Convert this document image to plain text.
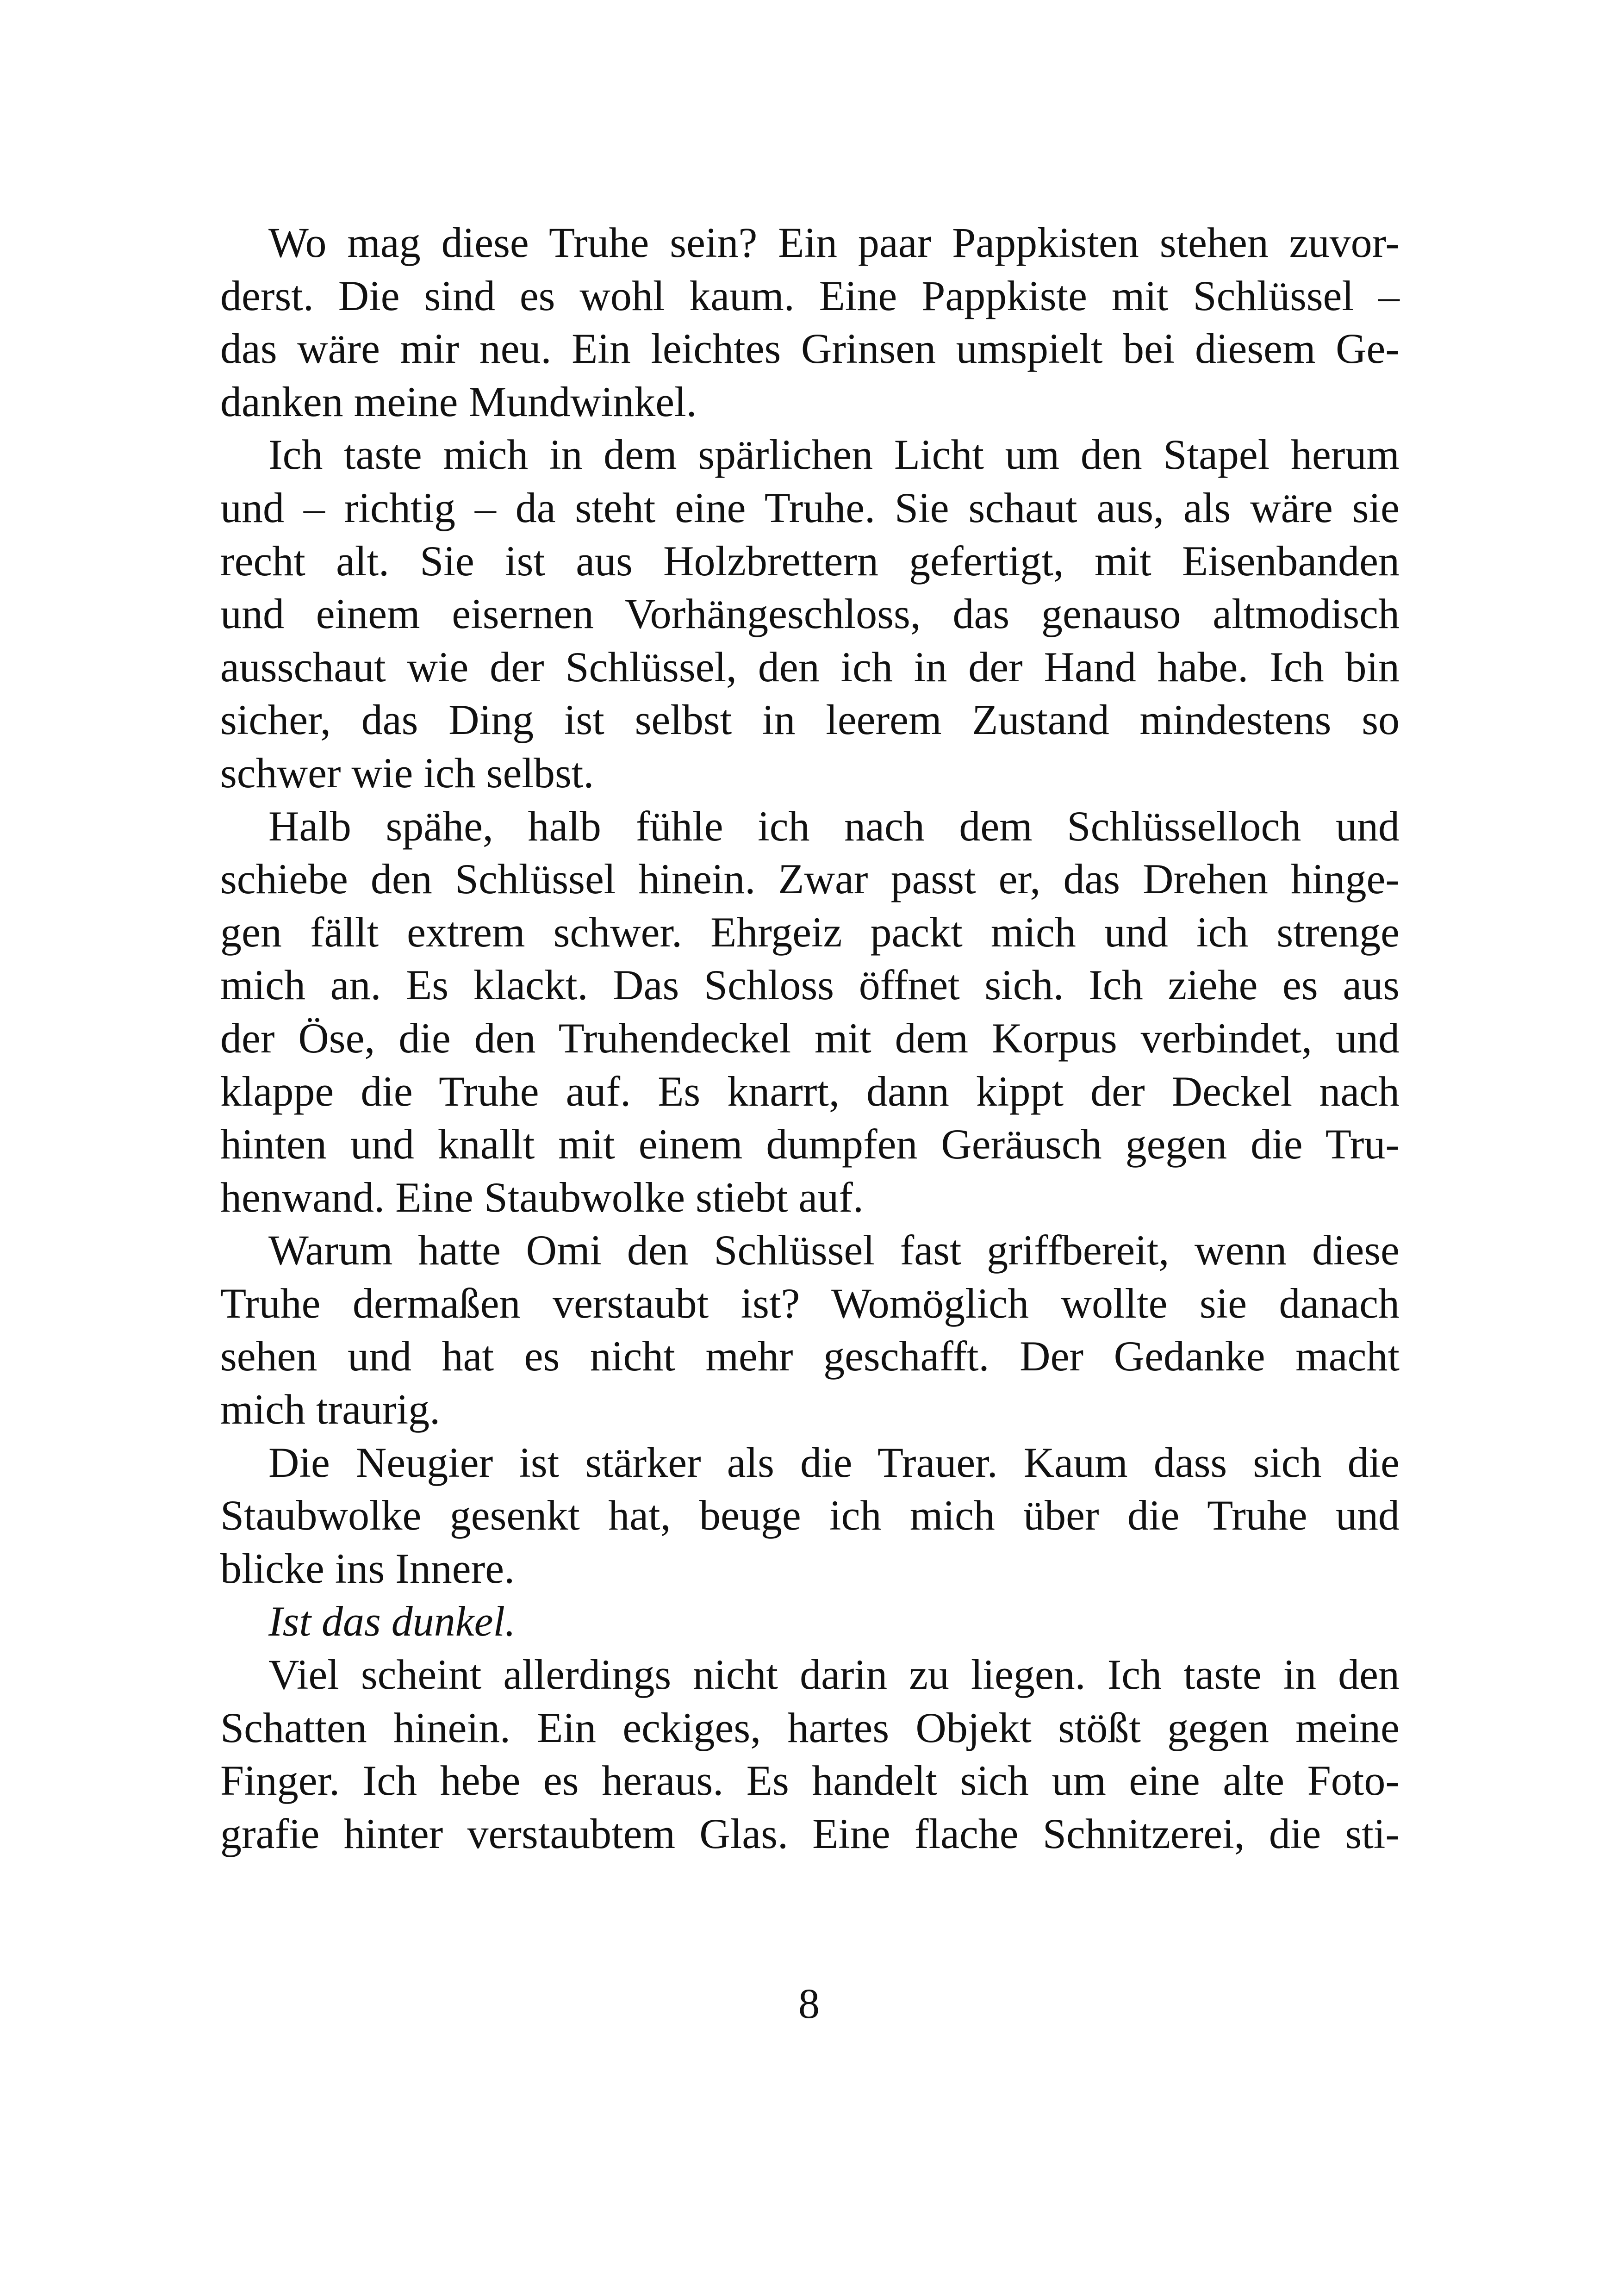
Wo mag diese Truhe sein? Ein paar Pappkisten stehen zuvor-
derst. Die sind es wohl kaum. Eine Pappkiste mit Schlüssel –
das wäre mir neu. Ein leichtes Grinsen umspielt bei diesem Ge-
danken meine Mundwinkel.
Ich taste mich in dem spärlichen Licht um den Stapel herum
und – richtig – da steht eine Truhe. Sie schaut aus, als wäre sie
recht alt. Sie ist aus Holzbrettern gefertigt, mit Eisenbanden
und einem eisernen Vorhängeschloss, das genauso altmodisch
ausschaut wie der Schlüssel, den ich in der Hand habe. Ich bin
sicher, das Ding ist selbst in leerem Zustand mindestens so
schwer wie ich selbst.
Halb spähe, halb fühle ich nach dem Schlüsselloch und
schiebe den Schlüssel hinein. Zwar passt er, das Drehen hinge-
gen fällt extrem schwer. Ehrgeiz packt mich und ich strenge
mich an. Es klackt. Das Schloss öffnet sich. Ich ziehe es aus
der Öse, die den Truhendeckel mit dem Korpus verbindet, und
klappe die Truhe auf. Es knarrt, dann kippt der Deckel nach
hinten und knallt mit einem dumpfen Geräusch gegen die Tru-
henwand. Eine Staubwolke stiebt auf.
Warum hatte Omi den Schlüssel fast griffbereit, wenn diese
Truhe dermaßen verstaubt ist? Womöglich wollte sie danach
sehen und hat es nicht mehr geschafft. Der Gedanke macht
mich traurig.
Die Neugier ist stärker als die Trauer. Kaum dass sich die
Staubwolke gesenkt hat, beuge ich mich über die Truhe und
blicke ins Innere.
Ist das dunkel.
Viel scheint allerdings nicht darin zu liegen. Ich taste in den
Schatten hinein. Ein eckiges, hartes Objekt stößt gegen meine
Finger. Ich hebe es heraus. Es handelt sich um eine alte Foto-
grafie hinter verstaubtem Glas. Eine flache Schnitzerei, die sti-
8
